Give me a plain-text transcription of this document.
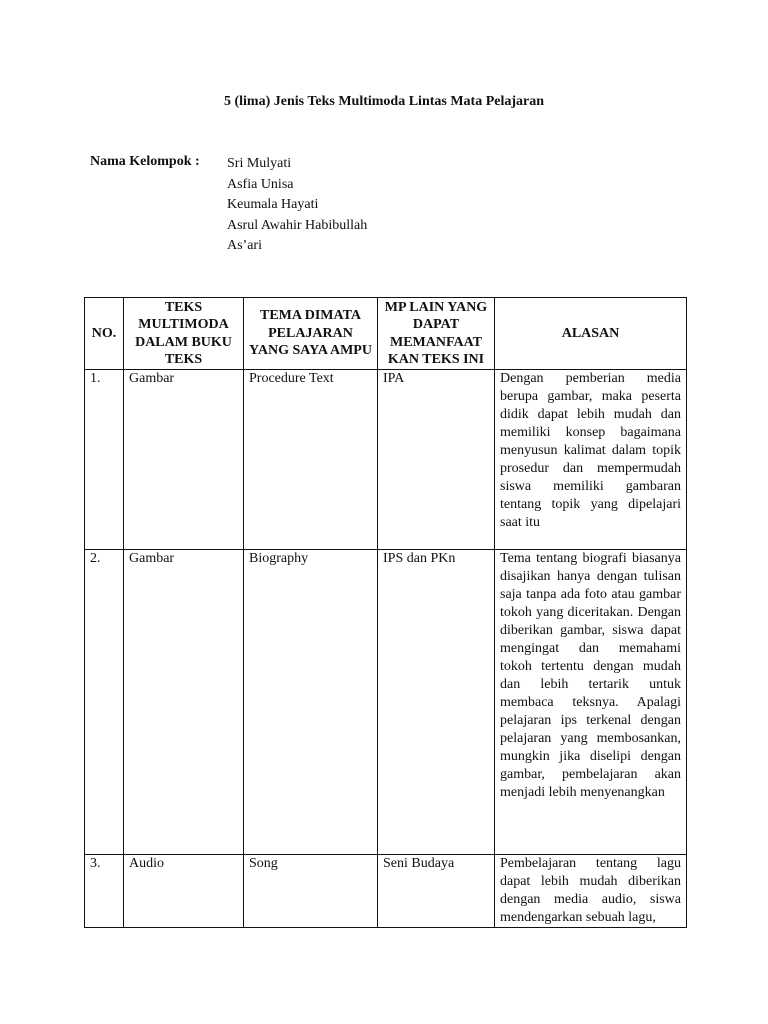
5 (lima) Jenis Teks Multimoda Lintas Mata Pelajaran
Nama Kelompok : Sri Mulyati
Asfia Unisa
Keumala Hayati
Asrul Awahir Habibullah
As’ari
NO.	TEKS MULTIMODA DALAM BUKU TEKS	TEMA DIMATA PELAJARAN YANG SAYA AMPU	MP LAIN YANG DAPAT MEMANFAAT KAN TEKS INI	ALASAN
1.	Gambar	Procedure Text	IPA	Dengan pemberian media berupa gambar, maka peserta didik dapat lebih mudah dan memiliki konsep bagaimana menyusun kalimat dalam topik prosedur dan mempermudah siswa memiliki gambaran tentang topik yang dipelajari saat itu
2.	Gambar	Biography	IPS dan PKn	Tema tentang biografi biasanya disajikan hanya dengan tulisan saja tanpa ada foto atau gambar tokoh yang diceritakan. Dengan diberikan gambar, siswa dapat mengingat dan memahami tokoh tertentu dengan mudah dan lebih tertarik untuk membaca teksnya. Apalagi pelajaran ips terkenal dengan pelajaran yang membosankan, mungkin jika diselipi dengan gambar, pembelajaran akan menjadi lebih menyenangkan
3.	Audio	Song	Seni Budaya	Pembelajaran tentang lagu dapat lebih mudah diberikan dengan media audio, siswa mendengarkan sebuah lagu,
